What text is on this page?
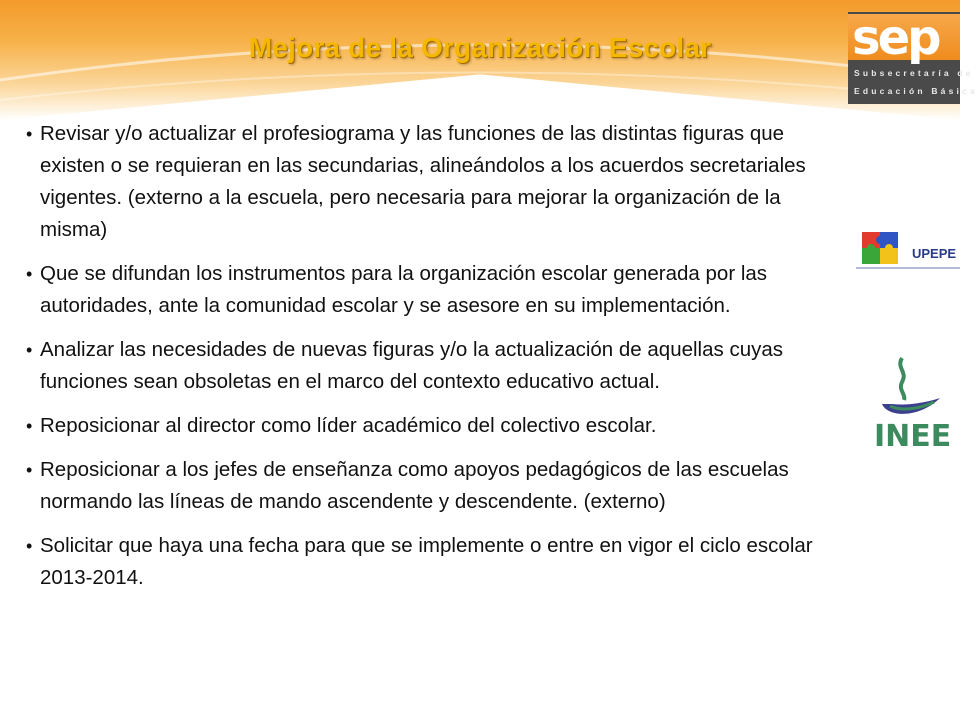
Mejora de la Organización Escolar	sep
Subsecretaría de
Educación Básica
UPEPE
INEE
• Revisar y/o actualizar el profesiograma y las funciones de las distintas figuras que existen o se requieran en las secundarias, alineándolos a los acuerdos secretariales vigentes. (externo a la escuela, pero necesaria para mejorar la organización de la misma)
• Que se difundan los instrumentos para la organización escolar generada por las autoridades, ante la comunidad escolar y se asesore en su implementación.
• Analizar las necesidades de nuevas figuras y/o la actualización de aquellas cuyas funciones sean obsoletas en el marco del contexto educativo actual.
• Reposicionar al director como líder académico del colectivo escolar.
• Reposicionar a los jefes de enseñanza como apoyos pedagógicos de las escuelas normando las líneas de mando ascendente y descendente. (externo)
• Solicitar que haya una fecha para que se implemente o entre en vigor el ciclo escolar 2013-2014.
